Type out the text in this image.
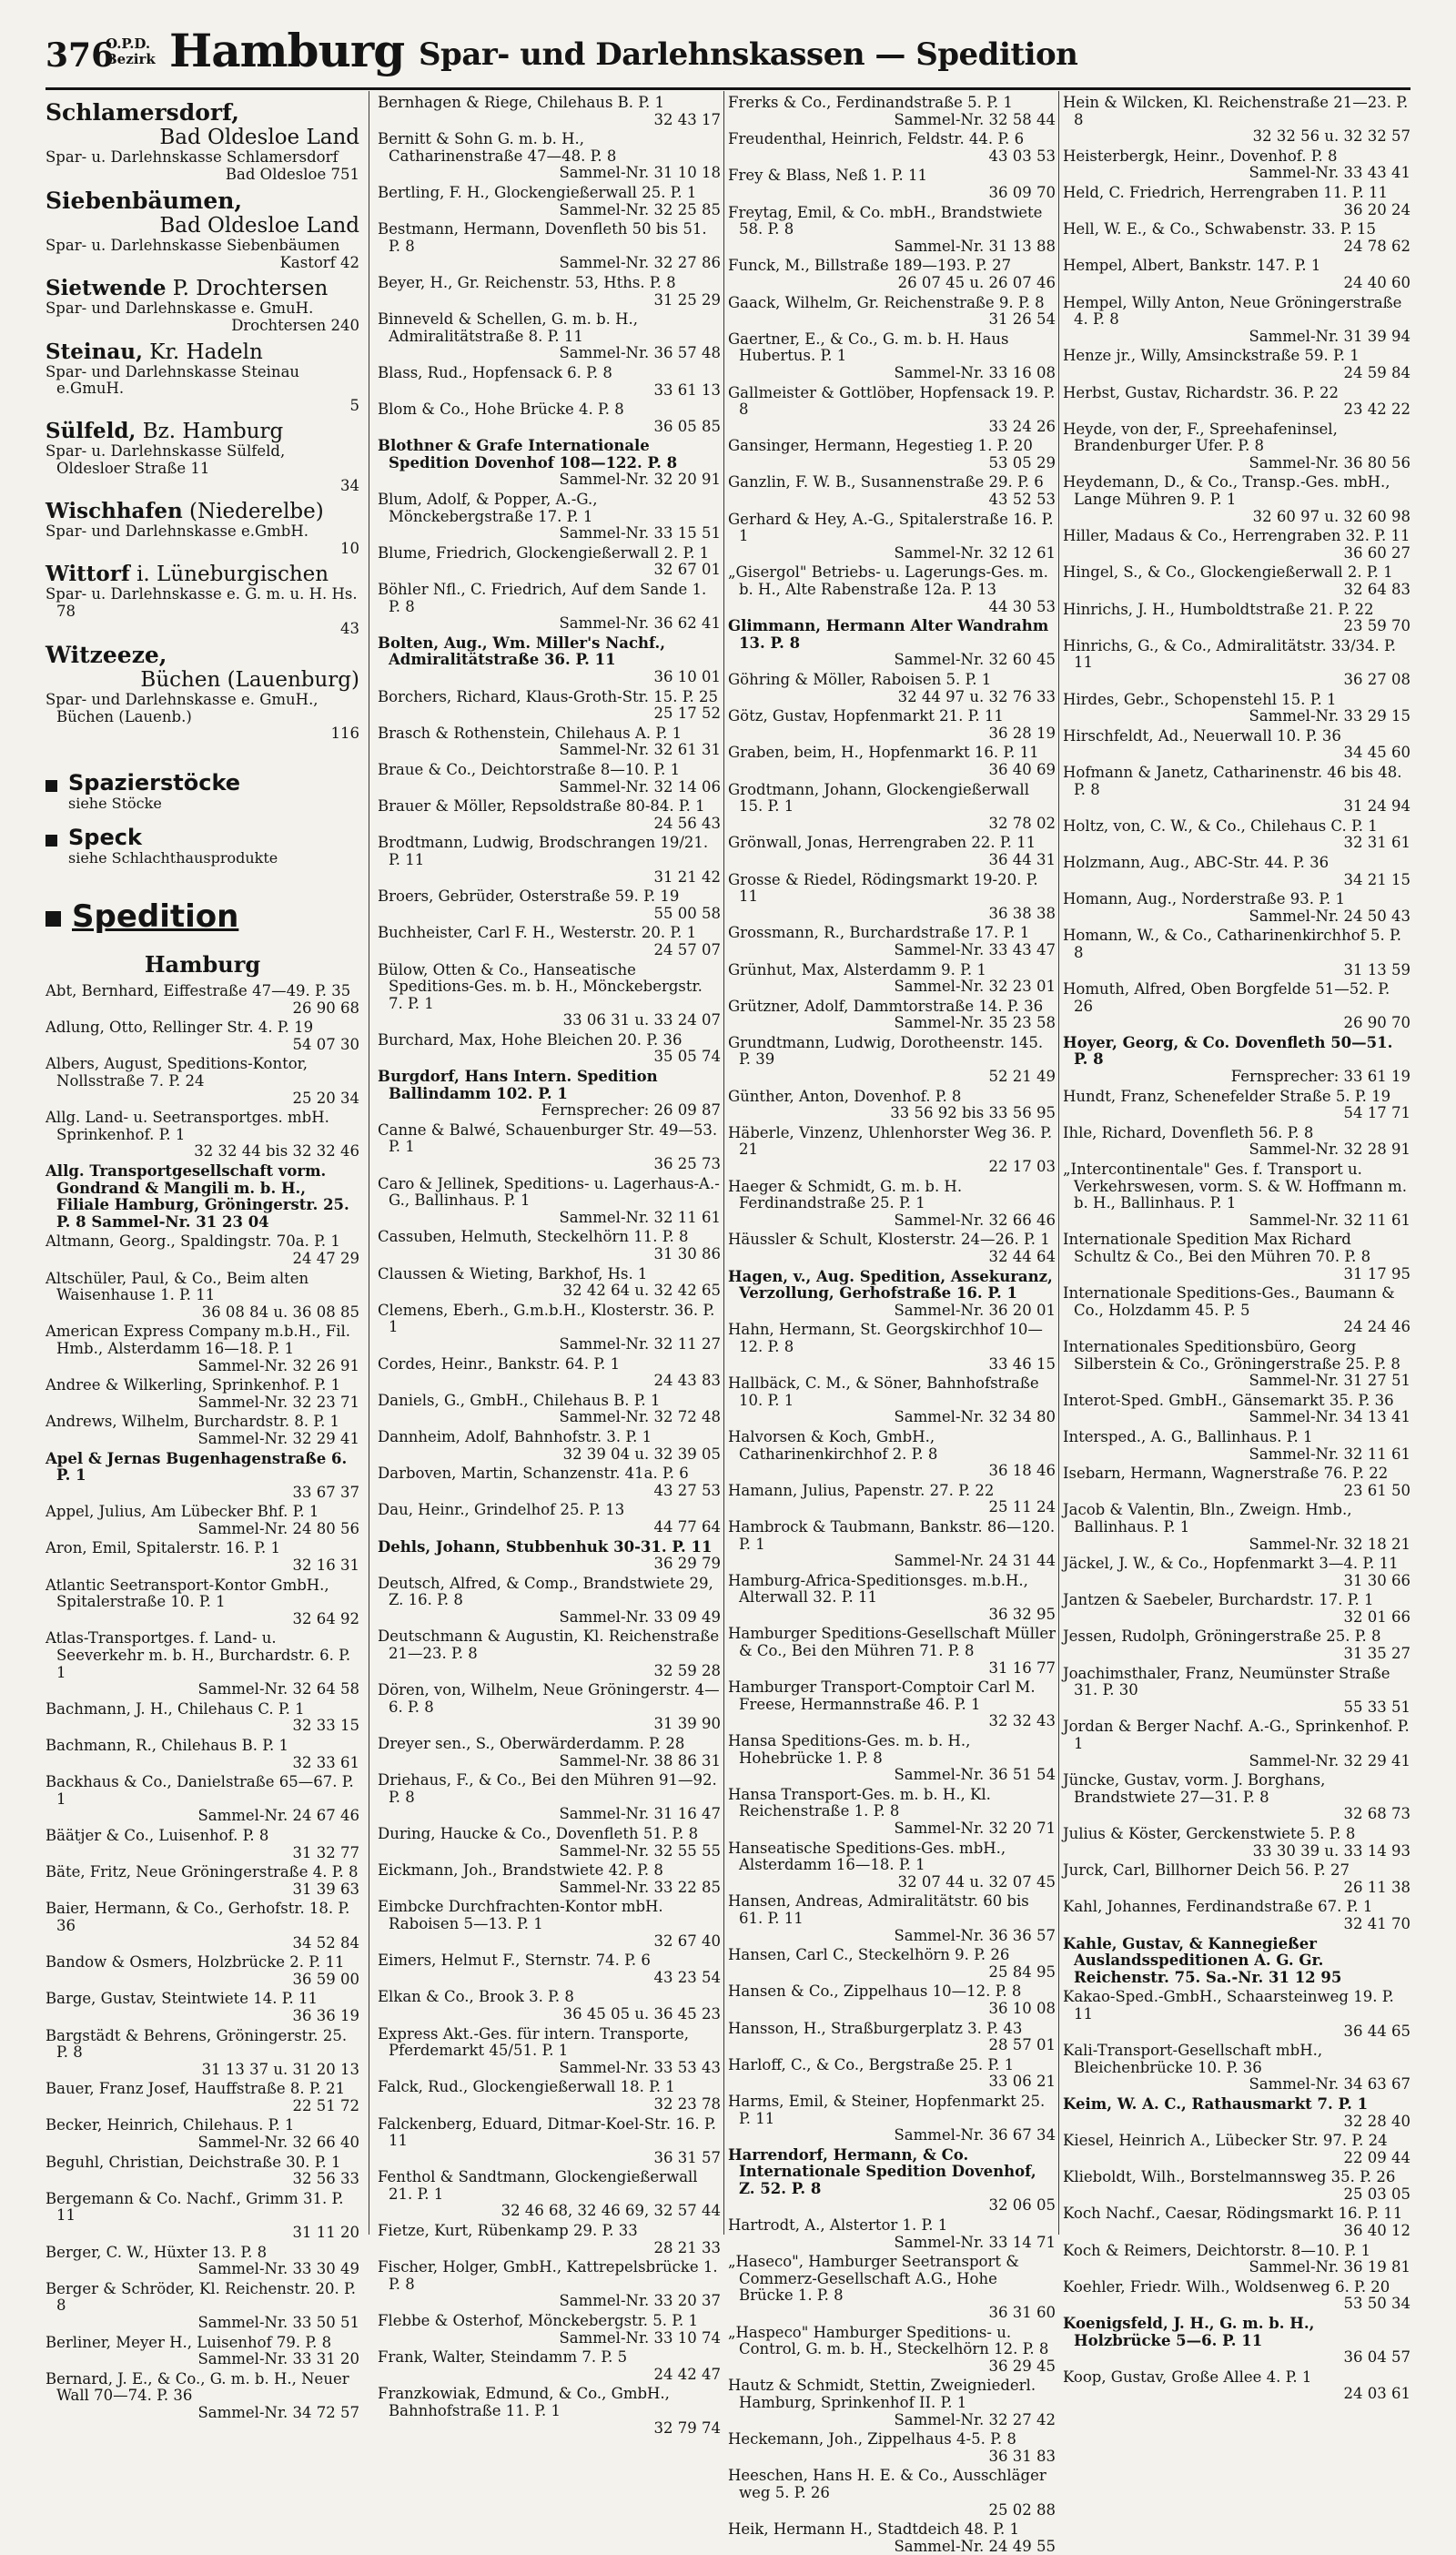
376
O.P.D.
Bezirk Hamburg Spar- und Darlehnskassen — Spedition
Schlamersdorf,
Bad Oldesloe Land
Spar- u. Darlehnskasse Schlamersdorf
Bad Oldesloe 751
Siebenbäumen,
Bad Oldesloe Land
Spar- u. Darlehnskasse Siebenbäumen
Kastorf 42
Sietwende P. Drochtersen
Spar- und Darlehnskasse e. GmuH.
Drochtersen 240
Steinau, Kr. Hadeln
Spar- und Darlehnskasse Steinau e.GmuH.
5
Sülfeld, Bz. Hamburg
Spar- u. Darlehnskasse Sülfeld, Oldesloer Straße 11
34
Wischhafen (Niederelbe)
Spar- und Darlehnskasse e.GmbH.
10
Wittorf i. Lüneburgischen
Spar- u. Darlehnskasse e. G. m. u. H. Hs. 78
43
Witzeeze,
Büchen (Lauenburg)
Spar- und Darlehnskasse e. GmuH., Büchen (Lauenb.)
116
Spazierstöcke
siehe Stöcke
Speck
siehe Schlachthausprodukte
Spedition
Hamburg
Abt, Bernhard, Eiffestraße 47—49. P. 35
26 90 68
Adlung, Otto, Rellinger Str. 4. P. 19
54 07 30
Albers, August, Speditions-Kontor, Nollsstraße 7. P. 24
25 20 34
Allg. Land- u. Seetransportges. mbH. Sprinkenhof. P. 1
32 32 44 bis 32 32 46
Allg. Transportgesellschaft vorm. Gondrand & Mangili m. b. H., Filiale Hamburg, Gröningerstr. 25. P. 8 Sammel-Nr. 31 23 04
Altmann, Georg., Spaldingstr. 70a. P. 1
24 47 29
Altschüler, Paul, & Co., Beim alten Waisenhause 1. P. 11
36 08 84 u. 36 08 85
American Express Company m.b.H., Fil. Hmb., Alsterdamm 16—18. P. 1
Sammel-Nr. 32 26 91
Andree & Wilkerling, Sprinkenhof. P. 1
Sammel-Nr. 32 23 71
Andrews, Wilhelm, Burchardstr. 8. P. 1
Sammel-Nr. 32 29 41
Apel & Jernas Bugenhagenstraße 6. P. 1
33 67 37
Appel, Julius, Am Lübecker Bhf. P. 1
Sammel-Nr. 24 80 56
Aron, Emil, Spitalerstr. 16. P. 1
32 16 31
Atlantic Seetransport-Kontor GmbH., Spitalerstraße 10. P. 1
32 64 92
Atlas-Transportges. f. Land- u. Seeverkehr m. b. H., Burchardstr. 6. P. 1
Sammel-Nr. 32 64 58
Bachmann, J. H., Chilehaus C. P. 1
32 33 15
Bachmann, R., Chilehaus B. P. 1
32 33 61
Backhaus & Co., Danielstraße 65—67. P. 1
Sammel-Nr. 24 67 46
Bäätjer & Co., Luisenhof. P. 8
31 32 77
Bäte, Fritz, Neue Gröningerstraße 4. P. 8
31 39 63
Baier, Hermann, & Co., Gerhofstr. 18. P. 36
34 52 84
Bandow & Osmers, Holzbrücke 2. P. 11
36 59 00
Barge, Gustav, Steintwiete 14. P. 11
36 36 19
Bargstädt & Behrens, Gröningerstr. 25. P. 8
31 13 37 u. 31 20 13
Bauer, Franz Josef, Hauffstraße 8. P. 21
22 51 72
Becker, Heinrich, Chilehaus. P. 1
Sammel-Nr. 32 66 40
Beguhl, Christian, Deichstraße 30. P. 1
32 56 33
Bergemann & Co. Nachf., Grimm 31. P. 11
31 11 20
Berger, C. W., Hüxter 13. P. 8
Sammel-Nr. 33 30 49
Berger & Schröder, Kl. Reichenstr. 20. P. 8
Sammel-Nr. 33 50 51
Berliner, Meyer H., Luisenhof 79. P. 8
Sammel-Nr. 33 31 20
Bernard, J. E., & Co., G. m. b. H., Neuer Wall 70—74. P. 36
Sammel-Nr. 34 72 57
Bernhagen & Riege, Chilehaus B. P. 1
32 43 17
Bernitt & Sohn G. m. b. H., Catharinenstraße 47—48. P. 8
Sammel-Nr. 31 10 18
Bertling, F. H., Glockengießerwall 25. P. 1
Sammel-Nr. 32 25 85
Bestmann, Hermann, Dovenfleth 50 bis 51. P. 8
Sammel-Nr. 32 27 86
Beyer, H., Gr. Reichenstr. 53, Hths. P. 8
31 25 29
Binneveld & Schellen, G. m. b. H., Admiralitätstraße 8. P. 11
Sammel-Nr. 36 57 48
Blass, Rud., Hopfensack 6. P. 8
33 61 13
Blom & Co., Hohe Brücke 4. P. 8
36 05 85
Blothner & Grafe Internationale Spedition Dovenhof 108—122. P. 8
Sammel-Nr. 32 20 91
Blum, Adolf, & Popper, A.-G., Mönckebergstraße 17. P. 1
Sammel-Nr. 33 15 51
Blume, Friedrich, Glockengießerwall 2. P. 1
32 67 01
Böhler Nfl., C. Friedrich, Auf dem Sande 1. P. 8
Sammel-Nr. 36 62 41
Bolten, Aug., Wm. Miller's Nachf., Admiralitätstraße 36. P. 11
36 10 01
Borchers, Richard, Klaus-Groth-Str. 15. P. 25
25 17 52
Brasch & Rothenstein, Chilehaus A. P. 1
Sammel-Nr. 32 61 31
Braue & Co., Deichtorstraße 8—10. P. 1
Sammel-Nr. 32 14 06
Brauer & Möller, Repsoldstraße 80-84. P. 1
24 56 43
Brodtmann, Ludwig, Brodschrangen 19/21. P. 11
31 21 42
Broers, Gebrüder, Osterstraße 59. P. 19
55 00 58
Buchheister, Carl F. H., Westerstr. 20. P. 1
24 57 07
Bülow, Otten & Co., Hanseatische Speditions-Ges. m. b. H., Mönckebergstr. 7. P. 1
33 06 31 u. 33 24 07
Burchard, Max, Hohe Bleichen 20. P. 36
35 05 74
Burgdorf, Hans Intern. Spedition Ballindamm 102. P. 1
Fernsprecher: 26 09 87
Canne & Balwé, Schauenburger Str. 49—53. P. 1
36 25 73
Caro & Jellinek, Speditions- u. Lagerhaus-A.-G., Ballinhaus. P. 1
Sammel-Nr. 32 11 61
Cassuben, Helmuth, Steckelhörn 11. P. 8
31 30 86
Claussen & Wieting, Barkhof, Hs. 1
32 42 64 u. 32 42 65
Clemens, Eberh., G.m.b.H., Klosterstr. 36. P. 1
Sammel-Nr. 32 11 27
Cordes, Heinr., Bankstr. 64. P. 1
24 43 83
Daniels, G., GmbH., Chilehaus B. P. 1
Sammel-Nr. 32 72 48
Dannheim, Adolf, Bahnhofstr. 3. P. 1
32 39 04 u. 32 39 05
Darboven, Martin, Schanzenstr. 41a. P. 6
43 27 53
Dau, Heinr., Grindelhof 25. P. 13
44 77 64
Dehls, Johann, Stubbenhuk 30-31. P. 11
36 29 79
Deutsch, Alfred, & Comp., Brandstwiete 29, Z. 16. P. 8
Sammel-Nr. 33 09 49
Deutschmann & Augustin, Kl. Reichenstraße 21—23. P. 8
32 59 28
Dören, von, Wilhelm, Neue Gröningerstr. 4—6. P. 8
31 39 90
Dreyer sen., S., Oberwärderdamm. P. 28
Sammel-Nr. 38 86 31
Driehaus, F., & Co., Bei den Mühren 91—92. P. 8
Sammel-Nr. 31 16 47
During, Haucke & Co., Dovenfleth 51. P. 8
Sammel-Nr. 32 55 55
Eickmann, Joh., Brandstwiete 42. P. 8
Sammel-Nr. 33 22 85
Eimbcke Durchfrachten-Kontor mbH. Raboisen 5—13. P. 1
32 67 40
Eimers, Helmut F., Sternstr. 74. P. 6
43 23 54
Elkan & Co., Brook 3. P. 8
36 45 05 u. 36 45 23
Express Akt.-Ges. für intern. Transporte, Pferdemarkt 45/51. P. 1
Sammel-Nr. 33 53 43
Falck, Rud., Glockengießerwall 18. P. 1
32 23 78
Falckenberg, Eduard, Ditmar-Koel-Str. 16. P. 11
36 31 57
Fenthol & Sandtmann, Glockengießerwall 21. P. 1
32 46 68, 32 46 69, 32 57 44
Fietze, Kurt, Rübenkamp 29. P. 33
28 21 33
Fischer, Holger, GmbH., Kattrepelsbrücke 1. P. 8
Sammel-Nr. 33 20 37
Flebbe & Osterhof, Mönckebergstr. 5. P. 1
Sammel-Nr. 33 10 74
Frank, Walter, Steindamm 7. P. 5
24 42 47
Franzkowiak, Edmund, & Co., GmbH., Bahnhofstraße 11. P. 1
32 79 74
Frerks & Co., Ferdinandstraße 5. P. 1
Sammel-Nr. 32 58 44
Freudenthal, Heinrich, Feldstr. 44. P. 6
43 03 53
Frey & Blass, Neß 1. P. 11
36 09 70
Freytag, Emil, & Co. mbH., Brandstwiete 58. P. 8
Sammel-Nr. 31 13 88
Funck, M., Billstraße 189—193. P. 27
26 07 45 u. 26 07 46
Gaack, Wilhelm, Gr. Reichenstraße 9. P. 8
31 26 54
Gaertner, E., & Co., G. m. b. H. Haus Hubertus. P. 1
Sammel-Nr. 33 16 08
Gallmeister & Gottlöber, Hopfensack 19. P. 8
33 24 26
Gansinger, Hermann, Hegestieg 1. P. 20
53 05 29
Ganzlin, F. W. B., Susannenstraße 29. P. 6
43 52 53
Gerhard & Hey, A.-G., Spitalerstraße 16. P. 1
Sammel-Nr. 32 12 61
„Gisergol" Betriebs- u. Lagerungs-Ges. m. b. H., Alte Rabenstraße 12a. P. 13
44 30 53
Glimmann, Hermann Alter Wandrahm 13. P. 8
Sammel-Nr. 32 60 45
Göhring & Möller, Raboisen 5. P. 1
32 44 97 u. 32 76 33
Götz, Gustav, Hopfenmarkt 21. P. 11
36 28 19
Graben, beim, H., Hopfenmarkt 16. P. 11
36 40 69
Grodtmann, Johann, Glockengießerwall 15. P. 1
32 78 02
Grönwall, Jonas, Herrengraben 22. P. 11
36 44 31
Grosse & Riedel, Rödingsmarkt 19-20. P. 11
36 38 38
Grossmann, R., Burchardstraße 17. P. 1
Sammel-Nr. 33 43 47
Grünhut, Max, Alsterdamm 9. P. 1
Sammel-Nr. 32 23 01
Grützner, Adolf, Dammtorstraße 14. P. 36
Sammel-Nr. 35 23 58
Grundtmann, Ludwig, Dorotheenstr. 145. P. 39
52 21 49
Günther, Anton, Dovenhof. P. 8
33 56 92 bis 33 56 95
Häberle, Vinzenz, Uhlenhorster Weg 36. P. 21
22 17 03
Haeger & Schmidt, G. m. b. H. Ferdinandstraße 25. P. 1
Sammel-Nr. 32 66 46
Häussler & Schult, Klosterstr. 24—26. P. 1
32 44 64
Hagen, v., Aug. Spedition, Assekuranz, Verzollung, Gerhofstraße 16. P. 1
Sammel-Nr. 36 20 01
Hahn, Hermann, St. Georgskirchhof 10—12. P. 8
33 46 15
Hallbäck, C. M., & Söner, Bahnhofstraße 10. P. 1
Sammel-Nr. 32 34 80
Halvorsen & Koch, GmbH., Catharinenkirchhof 2. P. 8
36 18 46
Hamann, Julius, Papenstr. 27. P. 22
25 11 24
Hambrock & Taubmann, Bankstr. 86—120. P. 1
Sammel-Nr. 24 31 44
Hamburg-Africa-Speditionsges. m.b.H., Alterwall 32. P. 11
36 32 95
Hamburger Speditions-Gesellschaft Müller & Co., Bei den Mühren 71. P. 8
31 16 77
Hamburger Transport-Comptoir Carl M. Freese, Hermannstraße 46. P. 1
32 32 43
Hansa Speditions-Ges. m. b. H., Hohebrücke 1. P. 8
Sammel-Nr. 36 51 54
Hansa Transport-Ges. m. b. H., Kl. Reichenstraße 1. P. 8
Sammel-Nr. 32 20 71
Hanseatische Speditions-Ges. mbH., Alsterdamm 16—18. P. 1
32 07 44 u. 32 07 45
Hansen, Andreas, Admiralitätstr. 60 bis 61. P. 11
Sammel-Nr. 36 36 57
Hansen, Carl C., Steckelhörn 9. P. 26
25 84 95
Hansen & Co., Zippelhaus 10—12. P. 8
36 10 08
Hansson, H., Straßburgerplatz 3. P. 43
28 57 01
Harloff, C., & Co., Bergstraße 25. P. 1
33 06 21
Harms, Emil, & Steiner, Hopfenmarkt 25. P. 11
Sammel-Nr. 36 67 34
Harrendorf, Hermann, & Co. Internationale Spedition Dovenhof, Z. 52. P. 8
32 06 05
Hartrodt, A., Alstertor 1. P. 1
Sammel-Nr. 33 14 71
„Haseco", Hamburger Seetransport & Commerz-Gesellschaft A.G., Hohe Brücke 1. P. 8
36 31 60
„Haspeco" Hamburger Speditions- u. Control, G. m. b. H., Steckelhörn 12. P. 8
36 29 45
Hautz & Schmidt, Stettin, Zweigniederl. Hamburg, Sprinkenhof II. P. 1
Sammel-Nr. 32 27 42
Heckemann, Joh., Zippelhaus 4-5. P. 8
36 31 83
Heeschen, Hans H. E. & Co., Ausschläger weg 5. P. 26
25 02 88
Heik, Hermann H., Stadtdeich 48. P. 1
Sammel-Nr. 24 49 55
Hein & Wilcken, Kl. Reichenstraße 21—23. P. 8
32 32 56 u. 32 32 57
Heisterbergk, Heinr., Dovenhof. P. 8
Sammel-Nr. 33 43 41
Held, C. Friedrich, Herrengraben 11. P. 11
36 20 24
Hell, W. E., & Co., Schwabenstr. 33. P. 15
24 78 62
Hempel, Albert, Bankstr. 147. P. 1
24 40 60
Hempel, Willy Anton, Neue Gröningerstraße 4. P. 8
Sammel-Nr. 31 39 94
Henze jr., Willy, Amsinckstraße 59. P. 1
24 59 84
Herbst, Gustav, Richardstr. 36. P. 22
23 42 22
Heyde, von der, F., Spreehafeninsel, Brandenburger Ufer. P. 8
Sammel-Nr. 36 80 56
Heydemann, D., & Co., Transp.-Ges. mbH., Lange Mühren 9. P. 1
32 60 97 u. 32 60 98
Hiller, Madaus & Co., Herrengraben 32. P. 11
36 60 27
Hingel, S., & Co., Glockengießerwall 2. P. 1
32 64 83
Hinrichs, J. H., Humboldtstraße 21. P. 22
23 59 70
Hinrichs, G., & Co., Admiralitätstr. 33/34. P. 11
36 27 08
Hirdes, Gebr., Schopenstehl 15. P. 1
Sammel-Nr. 33 29 15
Hirschfeldt, Ad., Neuerwall 10. P. 36
34 45 60
Hofmann & Janetz, Catharinenstr. 46 bis 48. P. 8
31 24 94
Holtz, von, C. W., & Co., Chilehaus C. P. 1
32 31 61
Holzmann, Aug., ABC-Str. 44. P. 36
34 21 15
Homann, Aug., Norderstraße 93. P. 1
Sammel-Nr. 24 50 43
Homann, W., & Co., Catharinenkirchhof 5. P. 8
31 13 59
Homuth, Alfred, Oben Borgfelde 51—52. P. 26
26 90 70
Hoyer, Georg, & Co. Dovenfleth 50—51. P. 8
Fernsprecher: 33 61 19
Hundt, Franz, Schenefelder Straße 5. P. 19
54 17 71
Ihle, Richard, Dovenfleth 56. P. 8
Sammel-Nr. 32 28 91
„Intercontinentale" Ges. f. Transport u. Verkehrswesen, vorm. S. & W. Hoffmann m. b. H., Ballinhaus. P. 1
Sammel-Nr. 32 11 61
Internationale Spedition Max Richard Schultz & Co., Bei den Mühren 70. P. 8
31 17 95
Internationale Speditions-Ges., Baumann & Co., Holzdamm 45. P. 5
24 24 46
Internationales Speditionsbüro, Georg Silberstein & Co., Gröningerstraße 25. P. 8
Sammel-Nr. 31 27 51
Interot-Sped. GmbH., Gänsemarkt 35. P. 36
Sammel-Nr. 34 13 41
Intersped., A. G., Ballinhaus. P. 1
Sammel-Nr. 32 11 61
Isebarn, Hermann, Wagnerstraße 76. P. 22
23 61 50
Jacob & Valentin, Bln., Zweign. Hmb., Ballinhaus. P. 1
Sammel-Nr. 32 18 21
Jäckel, J. W., & Co., Hopfenmarkt 3—4. P. 11
31 30 66
Jantzen & Saebeler, Burchardstr. 17. P. 1
32 01 66
Jessen, Rudolph, Gröningerstraße 25. P. 8
31 35 27
Joachimsthaler, Franz, Neumünster Straße 31. P. 30
55 33 51
Jordan & Berger Nachf. A.-G., Sprinkenhof. P. 1
Sammel-Nr. 32 29 41
Jüncke, Gustav, vorm. J. Borghans, Brandstwiete 27—31. P. 8
32 68 73
Julius & Köster, Gerckenstwiete 5. P. 8
33 30 39 u. 33 14 93
Jurck, Carl, Billhorner Deich 56. P. 27
26 11 38
Kahl, Johannes, Ferdinandstraße 67. P. 1
32 41 70
Kahle, Gustav, & Kannegießer Auslandsspeditionen A. G. Gr. Reichenstr. 75. Sa.-Nr. 31 12 95
Kakao-Sped.-GmbH., Schaarsteinweg 19. P. 11
36 44 65
Kali-Transport-Gesellschaft mbH., Bleichenbrücke 10. P. 36
Sammel-Nr. 34 63 67
Keim, W. A. C., Rathausmarkt 7. P. 1
32 28 40
Kiesel, Heinrich A., Lübecker Str. 97. P. 24
22 09 44
Klieboldt, Wilh., Borstelmannsweg 35. P. 26
25 03 05
Koch Nachf., Caesar, Rödingsmarkt 16. P. 11
36 40 12
Koch & Reimers, Deichtorstr. 8—10. P. 1
Sammel-Nr. 36 19 81
Koehler, Friedr. Wilh., Woldsenweg 6. P. 20
53 50 34
Koenigsfeld, J. H., G. m. b. H., Holzbrücke 5—6. P. 11
36 04 57
Koop, Gustav, Große Allee 4. P. 1
24 03 61
